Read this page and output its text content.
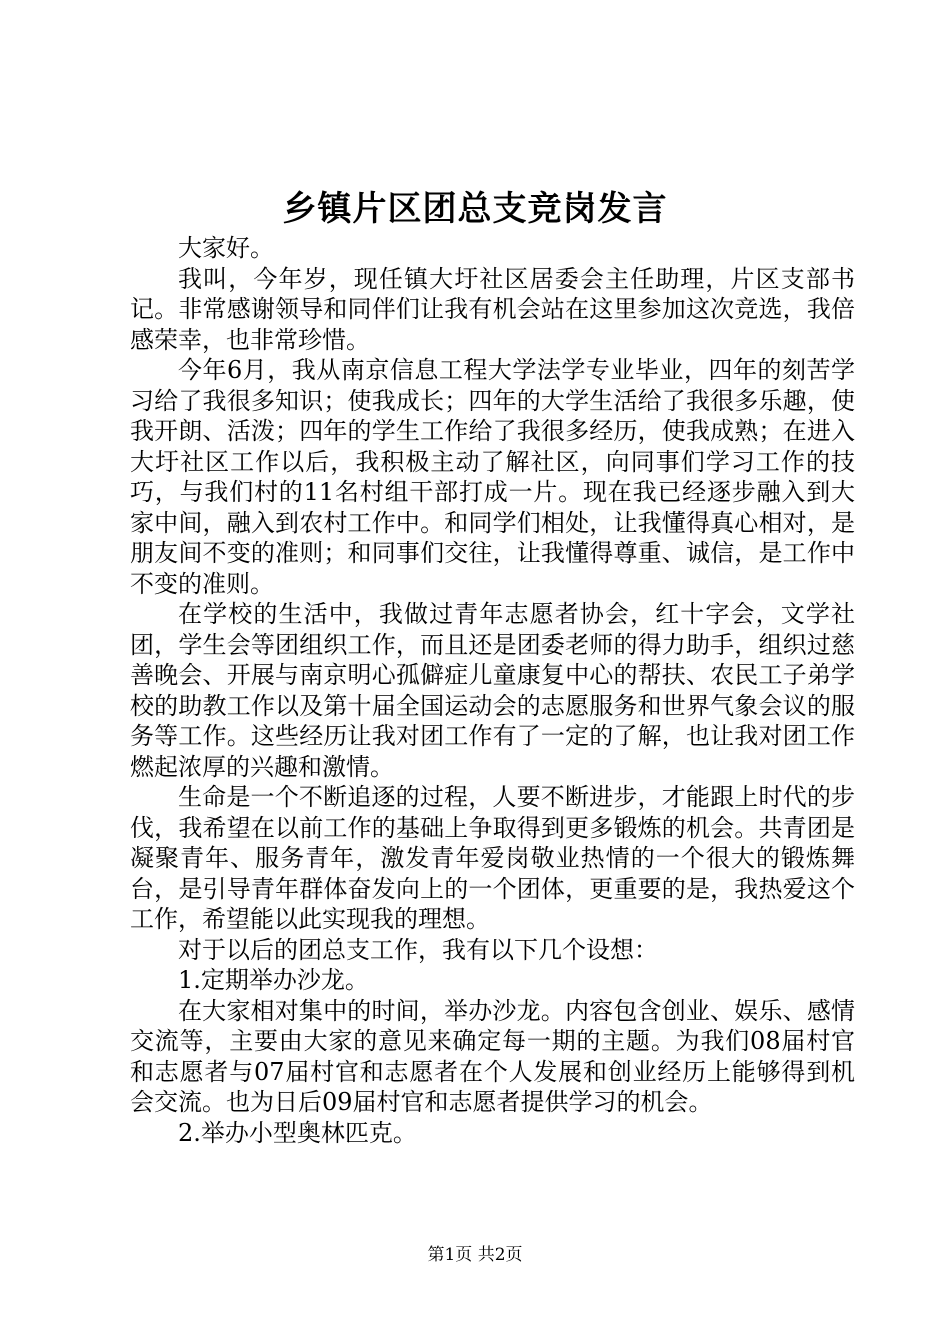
乡镇片区团总支竞岗发言

大家好。

我叫，今年岁，现任镇大圩社区居委会主任助理，片区支部书记。非常感谢领导和同伴们让我有机会站在这里参加这次竞选，我倍感荣幸，也非常珍惜。

今年6月，我从南京信息工程大学法学专业毕业，四年的刻苦学习给了我很多知识；使我成长；四年的大学生活给了我很多乐趣，使我开朗、活泼；四年的学生工作给了我很多经历，使我成熟；在进入大圩社区工作以后，我积极主动了解社区，向同事们学习工作的技巧，与我们村的11名村组干部打成一片。现在我已经逐步融入到大家中间，融入到农村工作中。和同学们相处，让我懂得真心相对，是朋友间不变的准则；和同事们交往，让我懂得尊重、诚信，是工作中不变的准则。

在学校的生活中，我做过青年志愿者协会，红十字会，文学社团，学生会等团组织工作，而且还是团委老师的得力助手，组织过慈善晚会、开展与南京明心孤僻症儿童康复中心的帮扶、农民工子弟学校的助教工作以及第十届全国运动会的志愿服务和世界气象会议的服务等工作。这些经历让我对团工作有了一定的了解，也让我对团工作燃起浓厚的兴趣和激情。

生命是一个不断追逐的过程，人要不断进步，才能跟上时代的步伐，我希望在以前工作的基础上争取得到更多锻炼的机会。共青团是凝聚青年、服务青年，激发青年爱岗敬业热情的一个很大的锻炼舞台，是引导青年群体奋发向上的一个团体，更重要的是，我热爱这个工作，希望能以此实现我的理想。

对于以后的团总支工作，我有以下几个设想：

1.定期举办沙龙。

在大家相对集中的时间，举办沙龙。内容包含创业、娱乐、感情交流等，主要由大家的意见来确定每一期的主题。为我们08届村官和志愿者与07届村官和志愿者在个人发展和创业经历上能够得到机会交流。也为日后09届村官和志愿者提供学习的机会。

2.举办小型奥林匹克。

第1页 共2页
